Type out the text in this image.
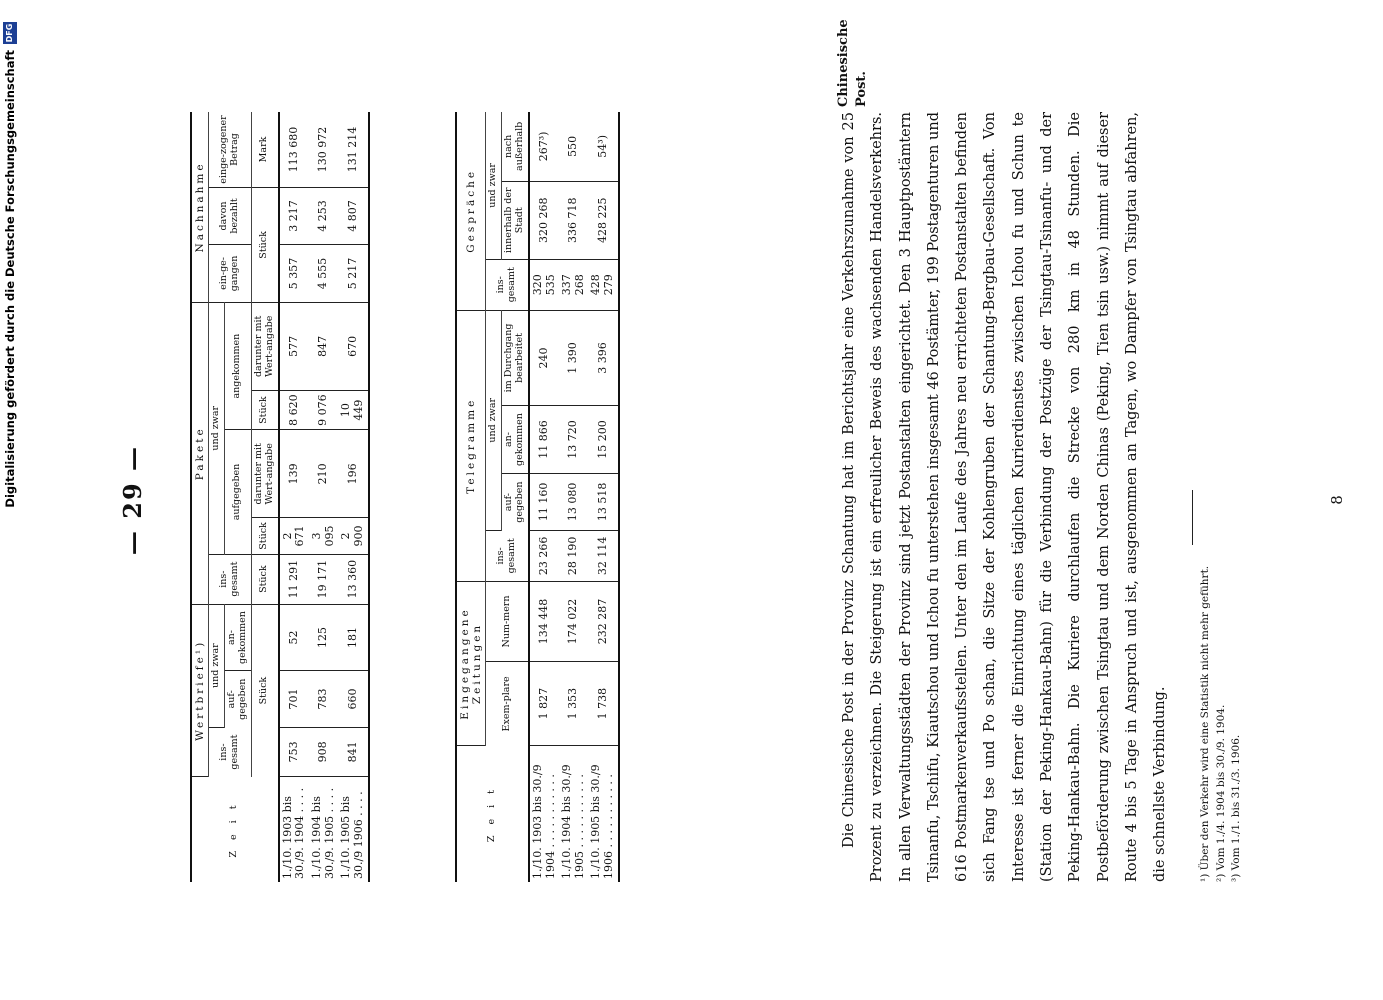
— 29 —
Z e i t	Wertbriefe¹)			Pakete					Nachnahme		
	ins-gesamt	und zwar		ins-gesamt	und zwar				ein-ge-gangen	davon bezahlt	einge-zogener Betrag
		auf-gegeben	an-gekommen		aufgegeben		angekommen				
	Stück			Stück	Stück	darunter mit Wert-angabe	Stück	darunter mit Wert-angabe	Stück		Mark
1./10. 1903 bis 30./9. 1904 . . . .	753	701	52	11 291	2 671	139	8 620	577	5 357	3 217	113 680
1./10. 1904 bis 30./9. 1905 . . . .	908	783	125	19 171	3 095	210	9 076	847	4 555	4 253	130 972
1./10. 1905 bis 30./9 1906 . . . .	841	660	181	13 360	2 900	196	10 449	670	5 217	4 807	131 214
Z e i t	Eingegangene Zeitungen		Telegramme				Gespräche		
	Exem-plare	Num-mern	ins-gesamt	und zwar			ins-gesamt	und zwar	
				auf-gegeben	an-gekommen	im Durchgang bearbeitet		innerhalb der Stadt	nach außerhalb
1./10. 1903 bis 30./9 1904 . . . . . . . . . . .	1 827	134 448	23 266	11 160	11 866	240	320 535	320 268	267³)
1./10. 1904 bis 30./9 1905 . . . . . . . . . . .	1 353	174 022	28 190	13 080	13 720	1 390	337 268	336 718	550
1./10. 1905 bis 30./9 1906 . . . . . . . . . . .	1 738	232 287	32 114	13 518	15 200	3 396	428 279	428 225	54³)
Chinesische Post.

Die Chinesische Post in der Provinz Schantung hat im Berichtsjahr eine Verkehrszunahme von 25 Prozent zu verzeichnen. Die Steigerung ist ein erfreulicher Beweis des wachsenden Handelsverkehrs. In allen Verwaltungsstädten der Provinz sind jetzt Postanstalten eingerichtet. Den 3 Hauptpostämtern Tsinanfu, Tschifu, Kiautschou und Ichou fu unterstehen insgesamt 46 Postämter, 199 Postagenturen und 616 Postmarkenverkaufsstellen. Unter den im Laufe des Jahres neu errichteten Postanstalten befinden sich Fang tse und Po schan, die Sitze der Kohlengruben der Schantung-Bergbau-Gesellschaft. Von Interesse ist ferner die Einrichtung eines täglichen Kurierdienstes zwischen Ichou fu und Schun te (Station der Peking-Hankau-Bahn) für die Verbindung der Postzüge der Tsingtau-Tsinanfu- und der Peking-Hankau-Bahn. Die Kuriere durchlaufen die Strecke von 280 km in 48 Stunden. Die Postbeförderung zwischen Tsingtau und dem Norden Chinas (Peking, Tien tsin usw.) nimmt auf dieser Route 4 bis 5 Tage in Anspruch und ist, ausgenommen an Tagen, wo Dampfer von Tsingtau abfahren, die schnellste Verbindung.	¹) Über den Verkehr wird eine Statistik nicht mehr geführt. ²) Vom 1./4. 1904 bis 30./9. 1904. ³) Vom 1./1. bis 31./3. 1906.
8
Digitalisierung gefördert durch die Deutsche Forschungsgemeinschaft
DFG
